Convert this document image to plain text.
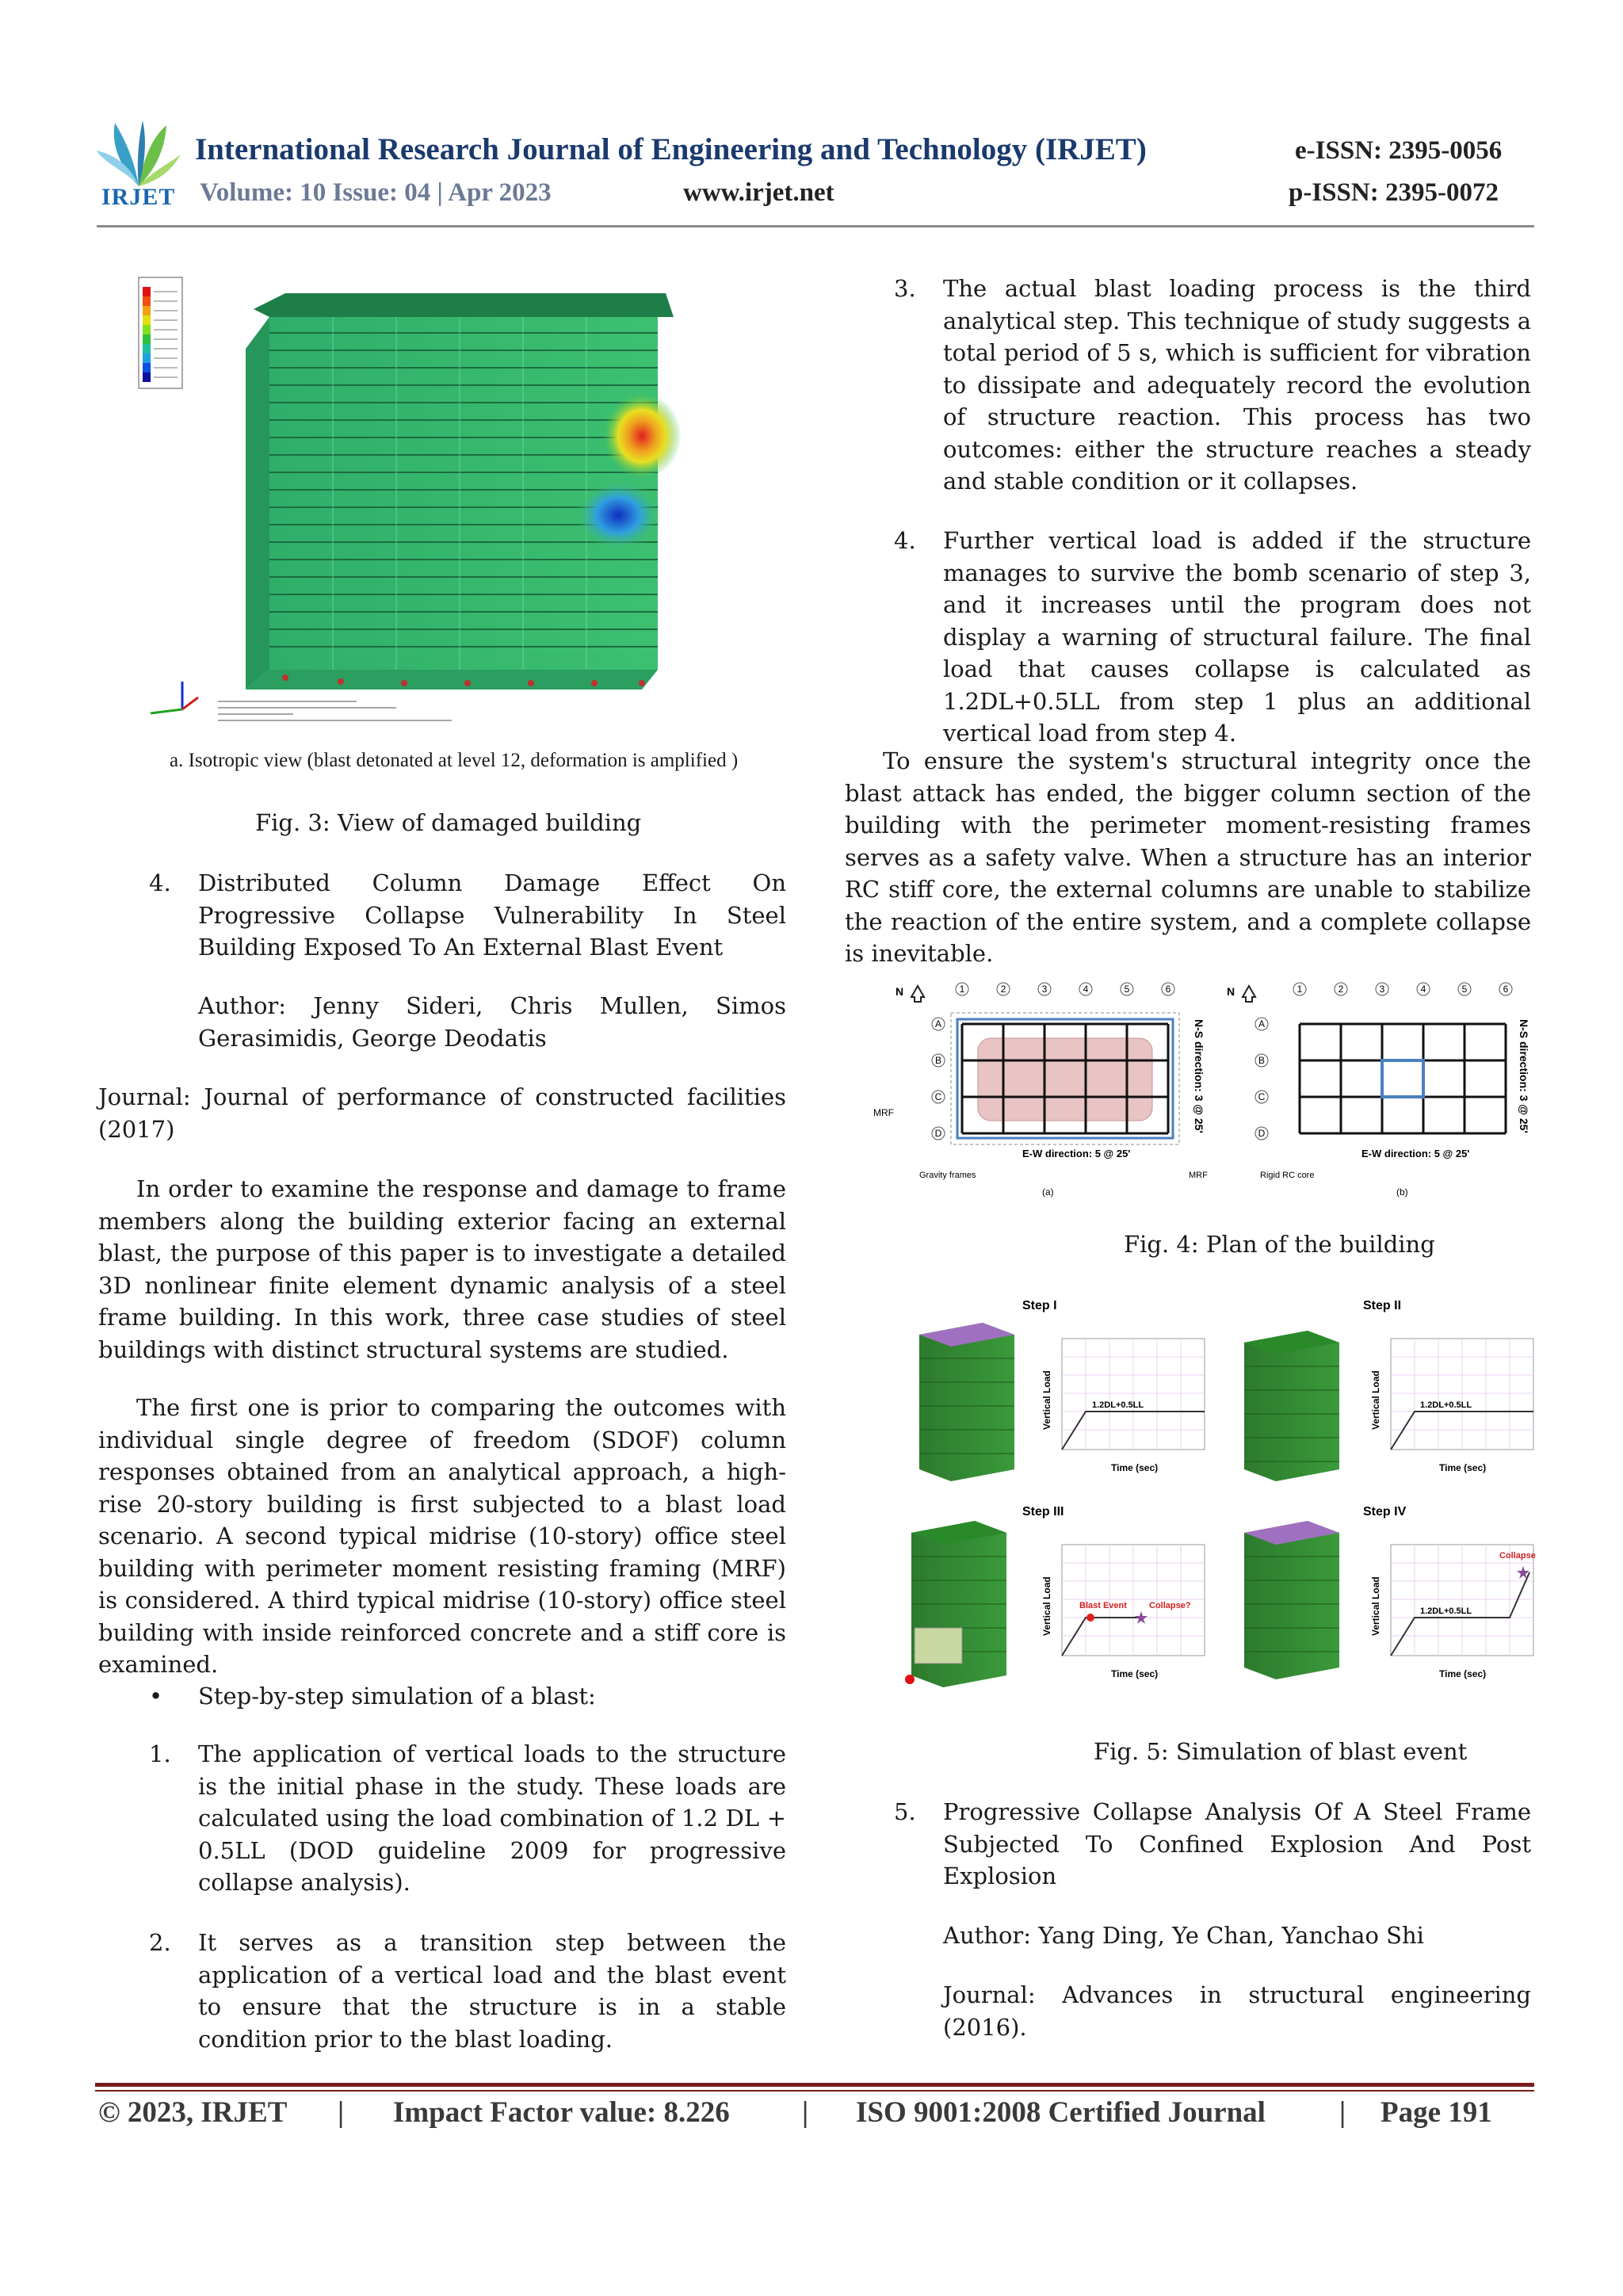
IRJET
International Research Journal of Engineering and Technology (IRJET)
Volume: 10 Issue: 04 | Apr 2023	www.irjet.net
e-ISSN: 2395-0056
p-ISSN: 2395-0072
a. Isotropic view (blast detonated at level 12, deformation is amplified )
Fig. 3: View of damaged building
4. Distributed Column Damage Effect On Progressive Collapse Vulnerability In Steel Building Exposed To An External Blast Event
Author: Jenny Sideri, Chris Mullen, Simos Gerasimidis, George Deodatis
Journal: Journal of performance of constructed facilities (2017)
In order to examine the response and damage to frame members along the building exterior facing an external blast, the purpose of this paper is to investigate a detailed 3D nonlinear finite element dynamic analysis of a steel frame building. In this work, three case studies of steel buildings with distinct structural systems are studied.
The first one is prior to comparing the outcomes with individual single degree of freedom (SDOF) column responses obtained from an analytical approach, a high-rise 20-story building is first subjected to a blast load scenario. A second typical midrise (10-story) office steel building with perimeter moment resisting framing (MRF) is considered. A third typical midrise (10-story) office steel building with inside reinforced concrete and a stiff core is examined.
• Step-by-step simulation of a blast:
1. The application of vertical loads to the structure is the initial phase in the study. These loads are calculated using the load combination of 1.2 DL + 0.5LL (DOD guideline 2009 for progressive collapse analysis).
2. It serves as a transition step between the application of a vertical load and the blast event to ensure that the structure is in a stable condition prior to the blast loading.
3. The actual blast loading process is the third analytical step. This technique of study suggests a total period of 5 s, which is sufficient for vibration to dissipate and adequately record the evolution of structure reaction. This process has two outcomes: either the structure reaches a steady and stable condition or it collapses.
4. Further vertical load is added if the structure manages to survive the bomb scenario of step 3, and it increases until the program does not display a warning of structural failure. The final load that causes collapse is calculated as 1.2DL+0.5LL from step 1 plus an additional vertical load from step 4.
To ensure the system's structural integrity once the blast attack has ended, the bigger column section of the building with the perimeter moment-resisting frames serves as a safety valve. When a structure has an interior RC stiff core, the external columns are unable to stabilize the reaction of the entire system, and a complete collapse is inevitable.
N	1	2	3	4	5	6
A
B
C
D
MRF
E-W direction: 5 @ 25'
Gravity frames	MRF
(a)
N-S direction: 3 @ 25'
N	1	2	3	4	5	6
A
B
C
D
E-W direction: 5 @ 25'
Rigid RC core
(b)
N-S direction: 3 @ 25'
Fig. 4: Plan of the building
Step I
1.2DL+0.5LL
Vertical Load
Time (sec)
Step II
1.2DL+0.5LL
Vertical Load
Time (sec)
Step III
Blast Event	Collapse?
Vertical Load
Time (sec)
Step IV
Collapse
1.2DL+0.5LL
Vertical Load
Time (sec)
Fig. 5: Simulation of blast event
5. Progressive Collapse Analysis Of A Steel Frame Subjected To Confined Explosion And Post Explosion
Author: Yang Ding, Ye Chan, Yanchao Shi
Journal: Advances in structural engineering (2016).
© 2023, IRJET | Impact Factor value: 8.226 | ISO 9001:2008 Certified Journal	| Page 191
